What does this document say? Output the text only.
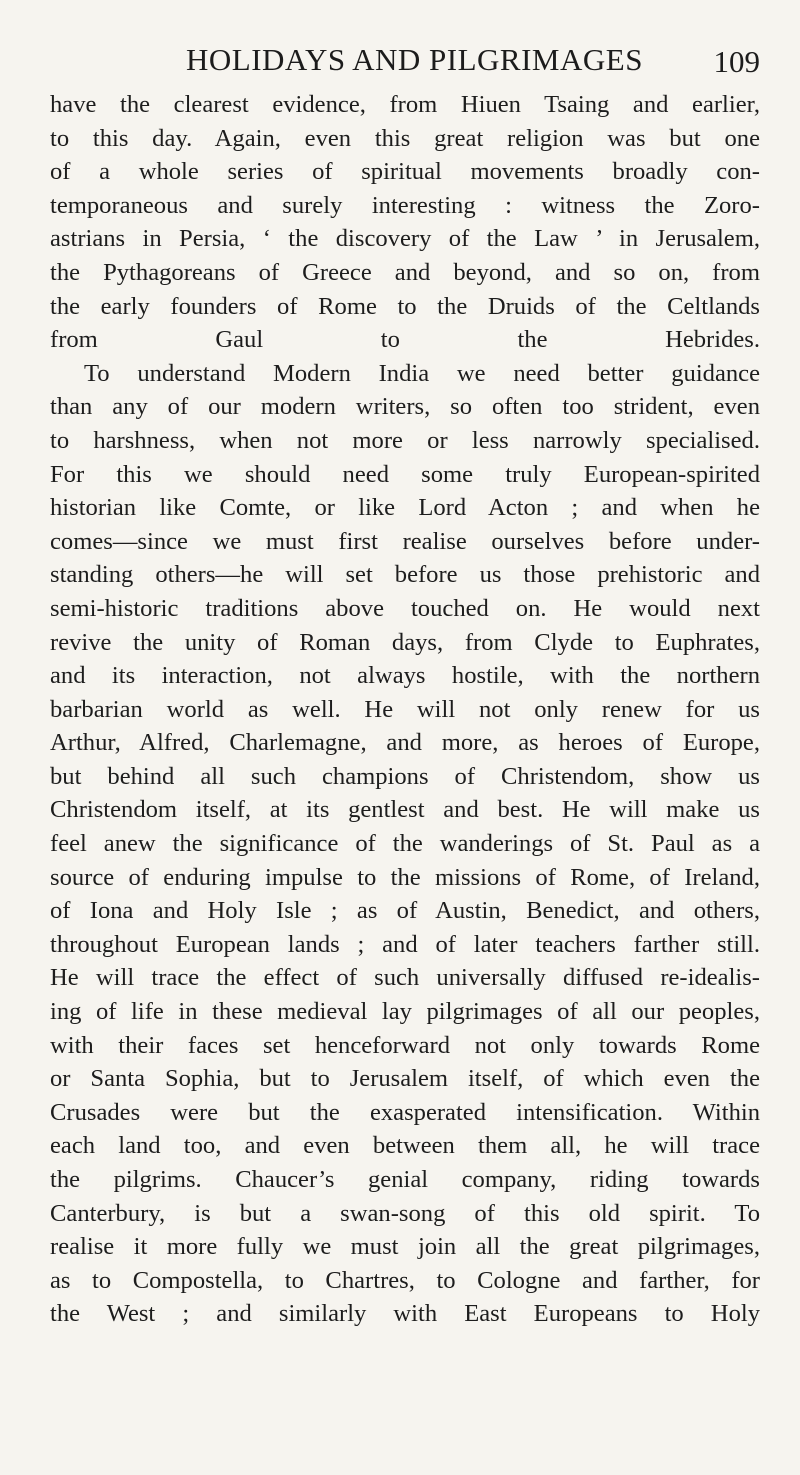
HOLIDAYS AND PILGRIMAGES 109
have the clearest evidence, from Hiuen Tsaing and earlier,
to this day. Again, even this great religion was but one
of a whole series of spiritual movements broadly con-
temporaneous and surely interesting : witness the Zoro-
astrians in Persia, ‘ the discovery of the Law ’ in Jerusalem,
the Pythagoreans of Greece and beyond, and so on, from
the early founders of Rome to the Druids of the Celtlands
from Gaul to the Hebrides.
To understand Modern India we need better guidance
than any of our modern writers, so often too strident, even
to harshness, when not more or less narrowly specialised.
For this we should need some truly European-spirited
historian like Comte, or like Lord Acton ; and when he
comes—since we must first realise ourselves before under-
standing others—he will set before us those prehistoric and
semi-historic traditions above touched on. He would next
revive the unity of Roman days, from Clyde to Euphrates,
and its interaction, not always hostile, with the northern
barbarian world as well. He will not only renew for us
Arthur, Alfred, Charlemagne, and more, as heroes of Europe,
but behind all such champions of Christendom, show us
Christendom itself, at its gentlest and best. He will make us
feel anew the significance of the wanderings of St. Paul as a
source of enduring impulse to the missions of Rome, of Ireland,
of Iona and Holy Isle ; as of Austin, Benedict, and others,
throughout European lands ; and of later teachers farther still.
He will trace the effect of such universally diffused re-idealis-
ing of life in these medieval lay pilgrimages of all our peoples,
with their faces set henceforward not only towards Rome
or Santa Sophia, but to Jerusalem itself, of which even the
Crusades were but the exasperated intensification. Within
each land too, and even between them all, he will trace
the pilgrims. Chaucer’s genial company, riding towards
Canterbury, is but a swan-song of this old spirit. To
realise it more fully we must join all the great pilgrimages,
as to Compostella, to Chartres, to Cologne and farther, for
the West ; and similarly with East Europeans to Holy
